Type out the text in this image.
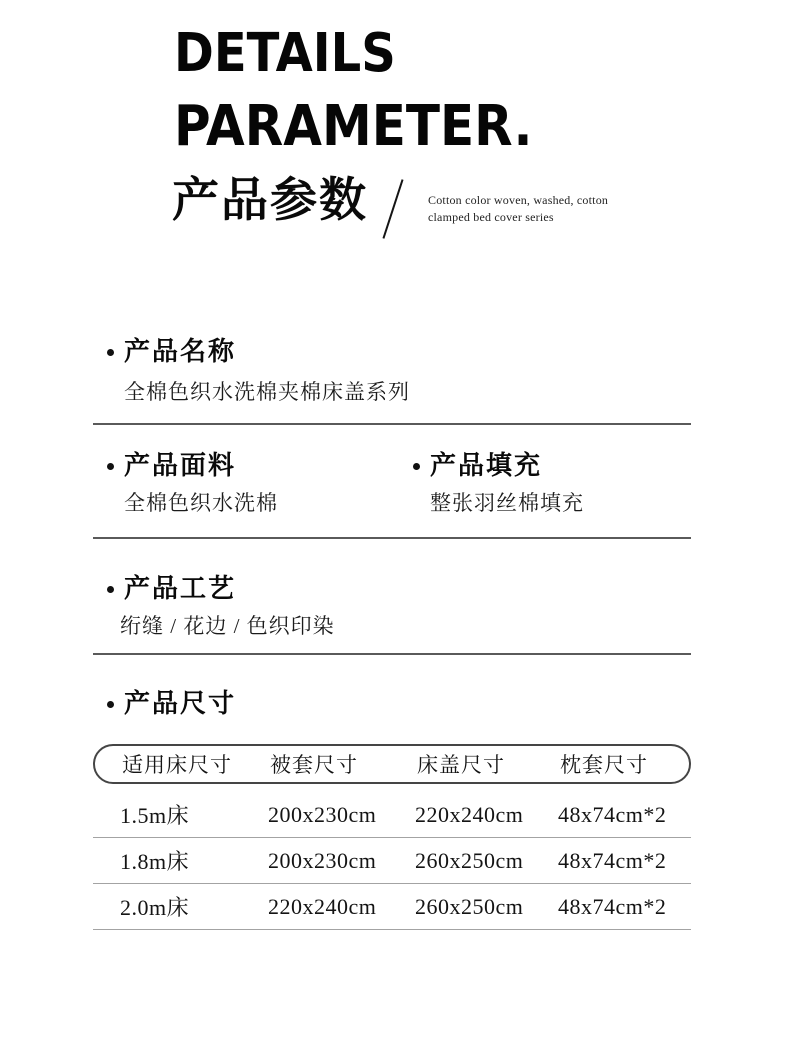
DETAILS
PARAMETER.
产品参数	Cotton color woven, washed, cotton
clamped bed cover series
产品名称
全棉色织水洗棉夹棉床盖系列
产品面料
全棉色织水洗棉
产品填充
整张羽丝棉填充
产品工艺
绗缝 / 花边 / 色织印染
产品尺寸
适用床尺寸	被套尺寸	床盖尺寸	枕套尺寸
1.5m床	200x230cm	220x240cm	48x74cm*2
1.8m床	200x230cm	260x250cm	48x74cm*2
2.0m床	220x240cm	260x250cm	48x74cm*2
